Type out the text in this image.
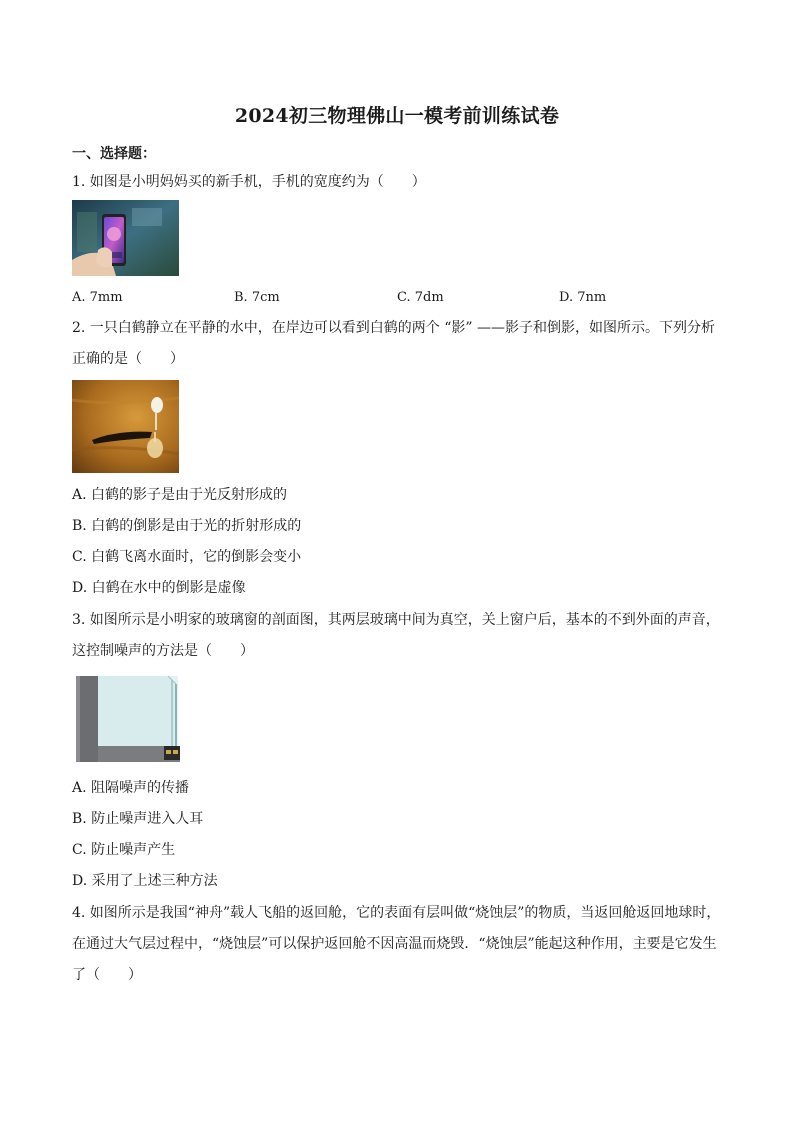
2024初三物理佛山一模考前训练试卷
一、选择题：
1. 如图是小明妈妈买的新手机，手机的宽度约为（　　）
A. 7mm	B. 7cm	C. 7dm	D. 7nm
2. 一只白鹤静立在平静的水中，在岸边可以看到白鹤的两个 “影” ——影子和倒影，如图所示。下列分析
正确的是（　　）
A. 白鹤的影子是由于光反射形成的
B. 白鹤的倒影是由于光的折射形成的
C. 白鹤飞离水面时，它的倒影会变小
D. 白鹤在水中的倒影是虚像
3. 如图所示是小明家的玻璃窗的剖面图，其两层玻璃中间为真空，关上窗户后，基本的不到外面的声音，
这控制噪声的方法是（　　）
A. 阻隔噪声的传播
B. 防止噪声进入人耳
C. 防止噪声产生
D. 采用了上述三种方法
4. 如图所示是我国“神舟”载人飞船的返回舱，它的表面有层叫做“烧蚀层”的物质，当返回舱返回地球时，
在通过大气层过程中，“烧蚀层”可以保护返回舱不因高温而烧毁．“烧蚀层”能起这种作用，主要是它发生
了（　　）
